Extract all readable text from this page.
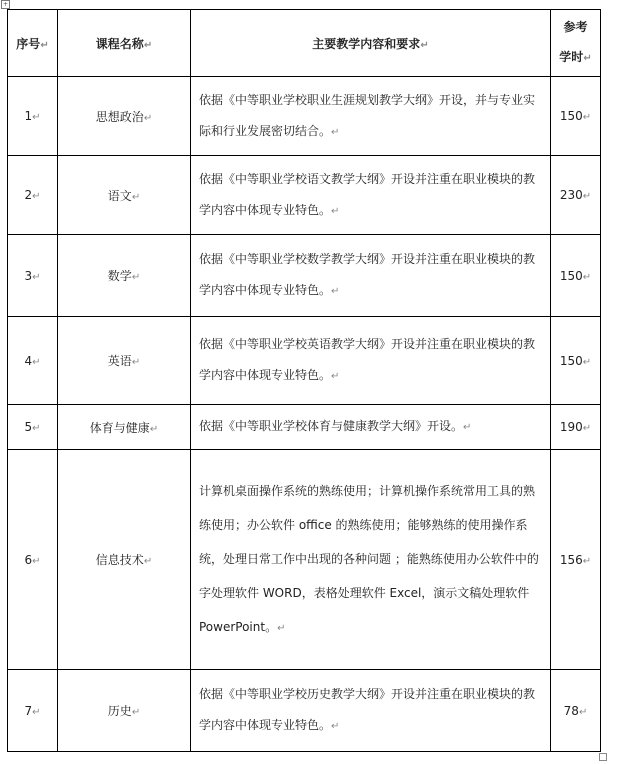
+
序号↵	课程名称↵	主要教学内容和要求↵	参考
学时↵

1↵	思想政治↵	依据《中等职业学校职业生涯规划教学大纲》开设，并与专业实际和行业发展密切结合。↵	150↵
2↵	语文↵	依据《中等职业学校语文教学大纲》开设并注重在职业模块的教学内容中体现专业特色。↵	230↵
3↵	数学↵	依据《中等职业学校数学教学大纲》开设并注重在职业模块的教学内容中体现专业特色。↵	150↵
4↵	英语↵	依据《中等职业学校英语教学大纲》开设并注重在职业模块的教学内容中体现专业特色。↵	150↵
5↵	体育与健康↵	依据《中等职业学校体育与健康教学大纲》开设。↵	190↵
6↵	信息技术↵	计算机桌面操作系统的熟练使用；计算机操作系统常用工具的熟练使用；办公软件 office 的熟练使用；能够熟练的使用操作系统，处理日常工作中出现的各种问题 ；能熟练使用办公软件中的字处理软件 WORD，表格处理软件 Excel，演示文稿处理软件 PowerPoint。↵	156↵
7↵	历史↵	依据《中等职业学校历史教学大纲》开设并注重在职业模块的教学内容中体现专业特色。↵	78↵
